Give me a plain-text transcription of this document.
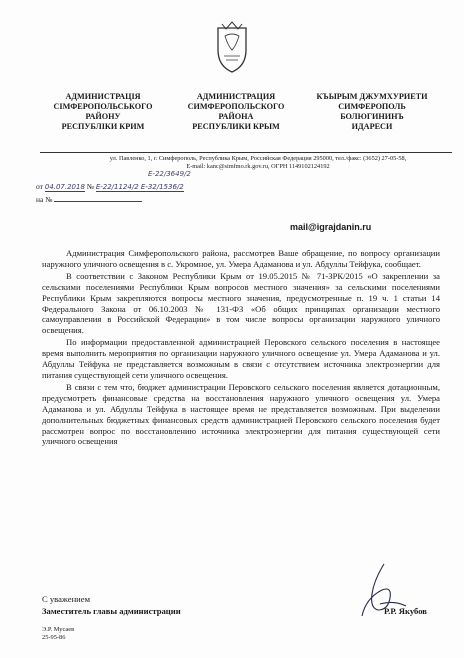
АДМИНИСТРАЦІЯ
СІМФЕРОПОЛЬСЬКОГО
РАЙОНУ
РЕСПУБЛІКИ КРИМ
АДМИНИСТРАЦИЯ
СИМФЕРОПОЛЬСКОГО
РАЙОНА
РЕСПУБЛИКИ КРЫМ
КЪЫРЫМ ДЖУМХУРИЕТИ
СИМФЕРОПОЛЬ
БОЛЮГИНИНЪ
ИДАРЕСИ
ул. Павленко, 1, г. Симферополь, Республика Крым, Российская Федерация 295000, тел./факс: (3652) 27-05-58,
E-mail: kanc@simfmo.rk.gov.ru, ОГРН 1149102124192
Е-22/3649/2
от 04.07.2018 № Е-22/1124/2 Е-32/1536/2
на №
mail@igrajdanin.ru

Администрация Симферопольского района, рассмотрев Ваше обращение, по вопросу организации наружного уличного освещения в с. Укромное, ул. Умера Адаманова и ул. Абдуллы Тейфука, сообщает.

В соответствии с Законом Республики Крым от 19.05.2015 № 71-ЗРК/2015 «О закреплении за сельскими поселениями Республики Крым вопросов местного значения» за сельскими поселениями Республики Крым закрепляются вопросы местного значения, предусмотренные п. 19 ч. 1 статьи 14 Федерального Закона от 06.10.2003 № 131-ФЗ «Об общих принципах организации местного самоуправления в Российской Федерации» в том числе вопросы организации наружного уличного освещения.

По информации предоставленной администрацией Перовского сельского поселения в настоящее время выполнить мероприятия по организации наружного уличного освещение ул. Умера Адаманова и ул. Абдуллы Тейфука не представляется возможным в связи с отсутствием источника электроэнергии для питания существующей сети уличного освещения.

В связи с тем что, бюджет администрации Перовского сельского поселения является дотационным, предусмотреть финансовые средства на восстановления наружного уличного освещения ул. Умера Адаманова и ул. Абдуллы Тейфука в настоящее время не представляется возможным. При выделении дополнительных бюджетных финансовых средств администрацией Перовского сельского поселения будет рассмотрен вопрос по восстановлению источника электроэнергии для питания существующей сети уличного освещения

С уважением
Заместитель главы администрации	Р.Р. Якубов
Э.Р. Мусаев
25-95-86
